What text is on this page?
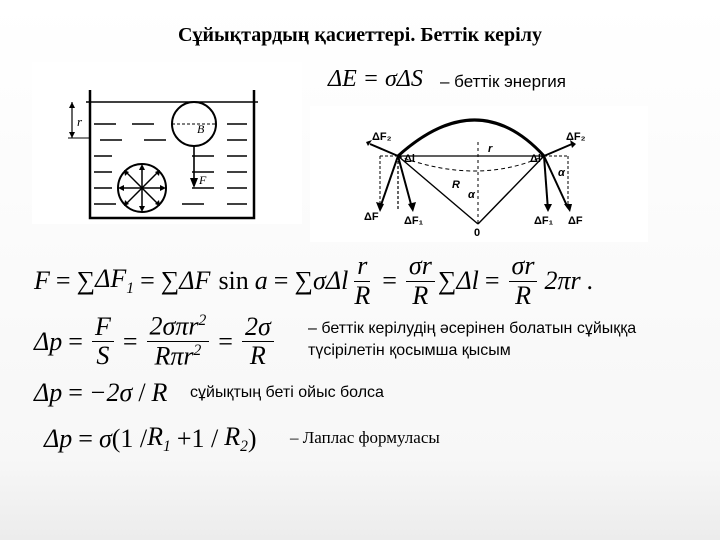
Сұйықтардың қасиеттері. Беттік керілу
r	B
F
ΔE = σΔS – беттік энергия
ΔF₂
Δl
r
Δl
ΔF₂
R
α
α
ΔF ΔF₁
0
ΔF₁ ΔF
F = ∑ $\Delta F_1$ = ∑ ΔF sin a = ∑ σ Δl $\frac{r}{R} = \frac{\sigma r}{R}$ ∑ $\Delta l = \frac{\sigma r}{R} 2\pi r$ .
$\Delta p = \frac{F}{S} = \frac{2\sigma\pi r^2}{R\pi r^2} = \frac{2\sigma}{R}$ – беттік керілудің әсерінен болатын сұйыққа түсірілетін қосымша қысым
Δp = −2σ / R сұйықтың беті ойыс болса
Δp = σ ($1 / R_1 +1 / R_2$ ) – Лаплас формуласы
